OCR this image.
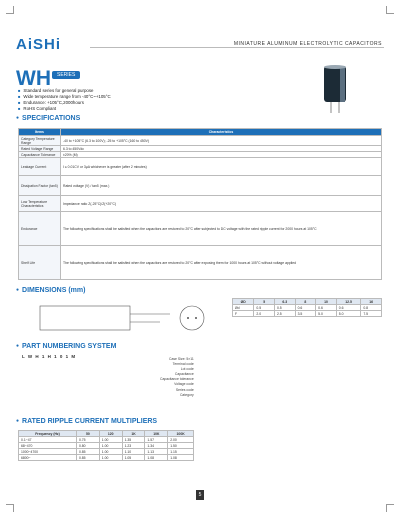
AiSHi	MINIATURE ALUMINUM ELECTROLYTIC CAPACITORS
WH	SERIES
■ Standard series for general purpose
■ Wide temperature range from -40°C~+105°C
■ Endurance: +105°C,2000hours
■ RoHS Compliant
● SPECIFICATIONS
Items	Characteristics
Category Temperature Range	-40 to +105°C (6.3 to 100V); -25 to +105°C (160 to 450V)
Rated Voltage Range	6.3 to 450Vdc
Capacitance Tolerance	±20% (M)
Leakage Current	I ≤ 0.01CV or 3μA whichever is greater (after 2 minutes)
Dissipation Factor (tanδ)	Rated voltage (V) / tanδ (max.)
Low Temperature Characteristics	Impedance ratio Z(-25°C)/Z(+20°C)
Endurance	The following specifications shall be satisfied when the capacitors are restored to 20°C after subjected to DC voltage with the rated ripple current for 2000 hours at 105°C
Shelf Life	The following specifications shall be satisfied when the capacitors are restored to 20°C after exposing them for 1000 hours at 105°C without voltage applied
● DIMENSIONS (mm)
ØD	5	6.3	8	10	12.5	16
Ød	0.5	0.5	0.6	0.6	0.6	0.8
F	2.0	2.5	3.5	5.0	5.0	7.5
● PART NUMBERING SYSTEM
L W H 1 H 1 0 1 M	Case Size: 5×11
Terminal code
Lot code
Capacitance
Capacitance tolerance
Voltage code
Series code
Category
● RATED RIPPLE CURRENT MULTIPLIERS
Frequency (Hz)	50	120	1K	10K	100K
0.1~47	0.75	1.00	1.35	1.57	2.00
68~470	0.80	1.00	1.23	1.34	1.50
1000~4700	0.85	1.00	1.10	1.13	1.15
6800~	0.85	1.00	1.05	1.08	1.08
5
